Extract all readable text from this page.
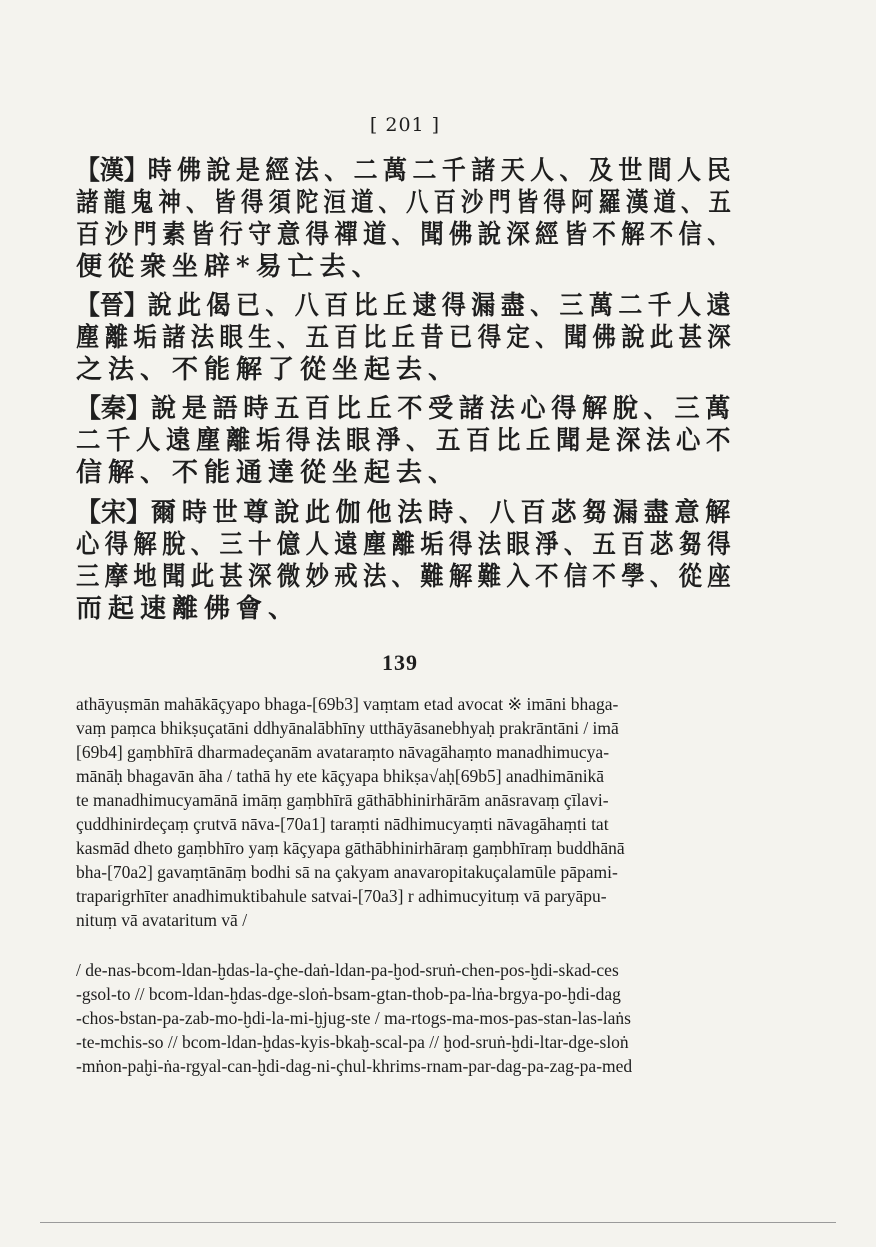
[ 201 ]
【漢】時佛說是經法、二萬二千諸天人、及世間人民
諸龍鬼神、皆得須陀洹道、八百沙門皆得阿羅漢道、五
百沙門素皆行守意得禪道、聞佛說深經皆不解不信、
便從衆坐辟*易亡去、
【晉】說此偈已、八百比丘逮得漏盡、三萬二千人遠
塵離垢諸法眼生、五百比丘昔已得定、聞佛說此甚深
之法、不能解了從坐起去、
【秦】說是語時五百比丘不受諸法心得解脫、三萬
二千人遠塵離垢得法眼淨、五百比丘聞是深法心不
信解、不能通達從坐起去、
【宋】爾時世尊說此伽他法時、八百苾芻漏盡意解
心得解脫、三十億人遠塵離垢得法眼淨、五百苾芻得
三摩地聞此甚深微妙戒法、難解難入不信不學、從座
而起速離佛會、
139
athāyuṣmān mahākāçyapo bhaga-[69b3] vaṃtam etad avocat ※ imāni bhaga-
vaṃ paṃca bhikṣuçatāni ddhyānalābhīny utthāyāsanebhyaḥ prakrāntāni / imā
[69b4] gaṃbhīrā dharmadeçanām avataraṃto nāvagāhaṃto manadhimucya-
mānāḥ bhagavān āha / tathā hy ete kāçyapa bhikṣa√aḥ[69b5] anadhimānikā
te manadhimucyamānā imāṃ gaṃbhīrā gāthābhinirhārām anāsravaṃ çīlavi-
çuddhinirdeçaṃ çrutvā nāva-[70a1] taraṃti nādhimucyaṃti nāvagāhaṃti tat
kasmād dheto gaṃbhīro yaṃ kāçyapa gāthābhinirhāraṃ gaṃbhīraṃ buddhānā
bha-[70a2] gavaṃtānāṃ bodhi sā na çakyam anavaropitakuçalamūle pāpami-
traparigrhīter anadhimuktibahule satvai-[70a3] r adhimucyituṃ vā paryāpu-
nituṃ vā avataritum vā /
/ de-nas-bcom-ldan-ḫdas-la-çhe-daṅ-ldan-pa-ḫod-sruṅ-chen-pos-ḫdi-skad-ces
-gsol-to // bcom-ldan-ḫdas-dge-sloṅ-bsam-gtan-thob-pa-lṅa-brgya-po-ḫdi-dag
-chos-bstan-pa-zab-mo-ḫdi-la-mi-ḫjug-ste / ma-rtogs-ma-mos-pas-stan-las-laṅs
-te-mchis-so // bcom-ldan-ḫdas-kyis-bkaḫ-scal-pa // ḫod-sruṅ-ḫdi-ltar-dge-sloṅ
-mṅon-paḫi-ṅa-rgyal-can-ḫdi-dag-ni-çhul-khrims-rnam-par-dag-pa-zag-pa-med
